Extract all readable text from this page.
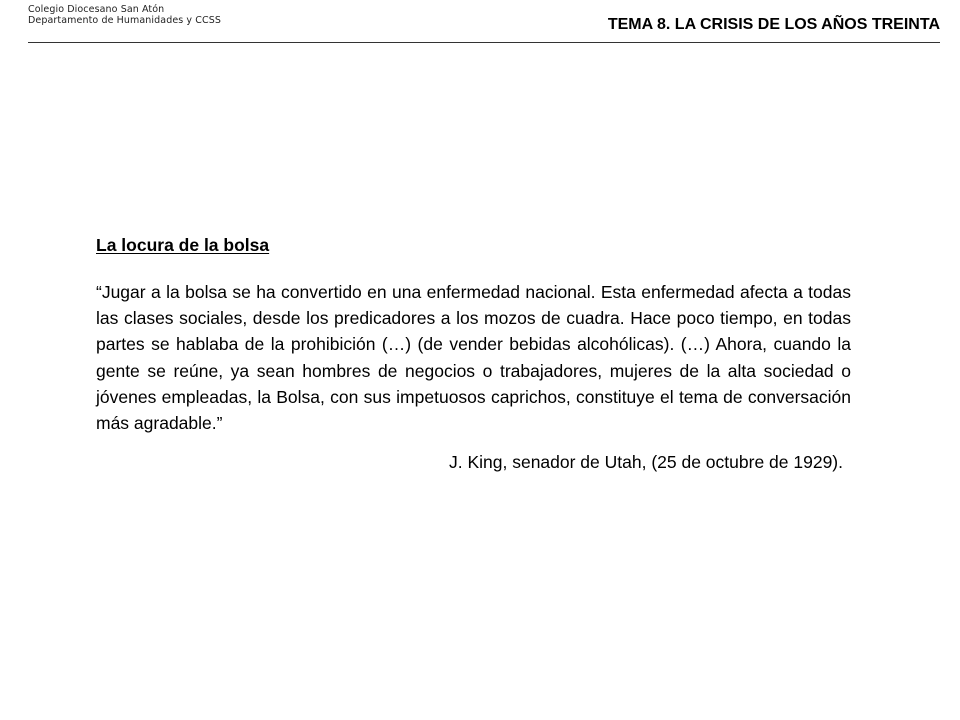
Colegio Diocesano San Atón
Departamento de Humanidades y CCSS	TEMA 8. LA CRISIS DE LOS AÑOS TREINTA
La locura de la bolsa

“Jugar a la bolsa se ha convertido en una enfermedad nacional. Esta enfermedad afecta a todas las clases sociales, desde los predicadores a los mozos de cuadra. Hace poco tiempo, en todas partes se hablaba de la prohibición (…) (de vender bebidas alcohólicas). (…) Ahora, cuando la gente se reúne, ya sean hombres de negocios o trabajadores, mujeres de la alta sociedad o jóvenes empleadas, la Bolsa, con sus impetuosos caprichos, constituye el tema de conversación más agradable.”

J. King, senador de Utah, (25 de octubre de 1929).
